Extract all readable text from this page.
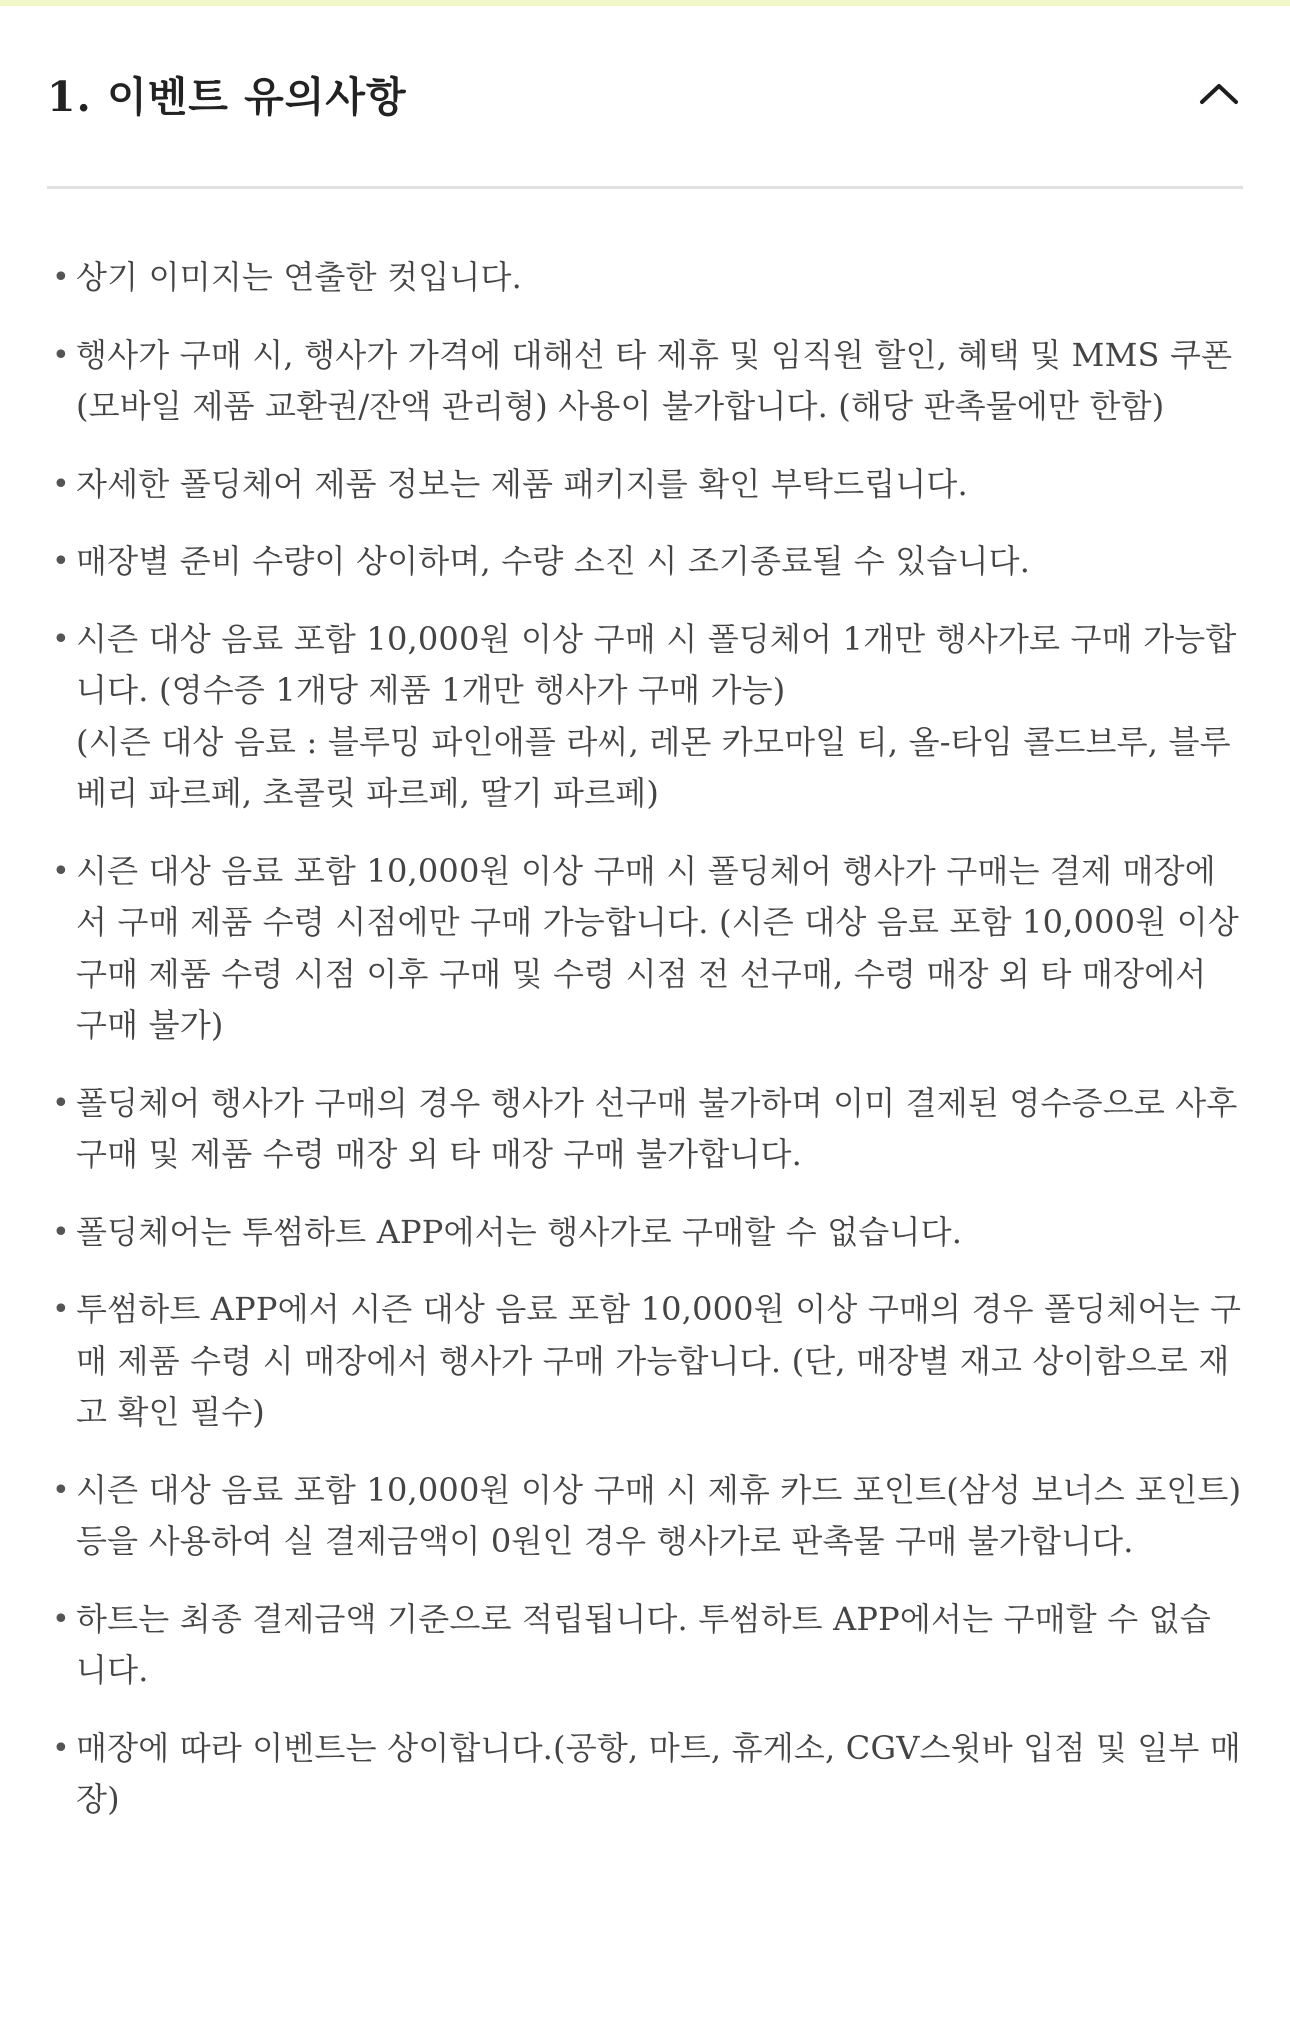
1. 이벤트 유의사항
• 상기 이미지는 연출한 컷입니다.
• 행사가 구매 시, 행사가 가격에 대해선 타 제휴 및 임직원 할인, 혜택 및 MMS 쿠폰 (모바일 제품 교환권/잔액 관리형) 사용이 불가합니다. (해당 판촉물에만 한함)
• 자세한 폴딩체어 제품 정보는 제품 패키지를 확인 부탁드립니다.
• 매장별 준비 수량이 상이하며, 수량 소진 시 조기종료될 수 있습니다.
• 시즌 대상 음료 포함 10,000원 이상 구매 시 폴딩체어 1개만 행사가로 구매 가능합니다. (영수증 1개당 제품 1개만 행사가 구매 가능)
(시즌 대상 음료 : 블루밍 파인애플 라씨, 레몬 카모마일 티, 올-타임 콜드브루, 블루베리 파르페, 초콜릿 파르페, 딸기 파르페)
• 시즌 대상 음료 포함 10,000원 이상 구매 시 폴딩체어 행사가 구매는 결제 매장에서 구매 제품 수령 시점에만 구매 가능합니다. (시즌 대상 음료 포함 10,000원 이상 구매 제품 수령 시점 이후 구매 및 수령 시점 전 선구매, 수령 매장 외 타 매장에서 구매 불가)
• 폴딩체어 행사가 구매의 경우 행사가 선구매 불가하며 이미 결제된 영수증으로 사후 구매 및 제품 수령 매장 외 타 매장 구매 불가합니다.
• 폴딩체어는 투썸하트 APP에서는 행사가로 구매할 수 없습니다.
• 투썸하트 APP에서 시즌 대상 음료 포함 10,000원 이상 구매의 경우 폴딩체어는 구매 제품 수령 시 매장에서 행사가 구매 가능합니다. (단, 매장별 재고 상이함으로 재고 확인 필수)
• 시즌 대상 음료 포함 10,000원 이상 구매 시 제휴 카드 포인트(삼성 보너스 포인트) 등을 사용하여 실 결제금액이 0원인 경우 행사가로 판촉물 구매 불가합니다.
• 하트는 최종 결제금액 기준으로 적립됩니다. 투썸하트 APP에서는 구매할 수 없습니다.
• 매장에 따라 이벤트는 상이합니다.(공항, 마트, 휴게소, CGV스윗바 입점 및 일부 매장)
